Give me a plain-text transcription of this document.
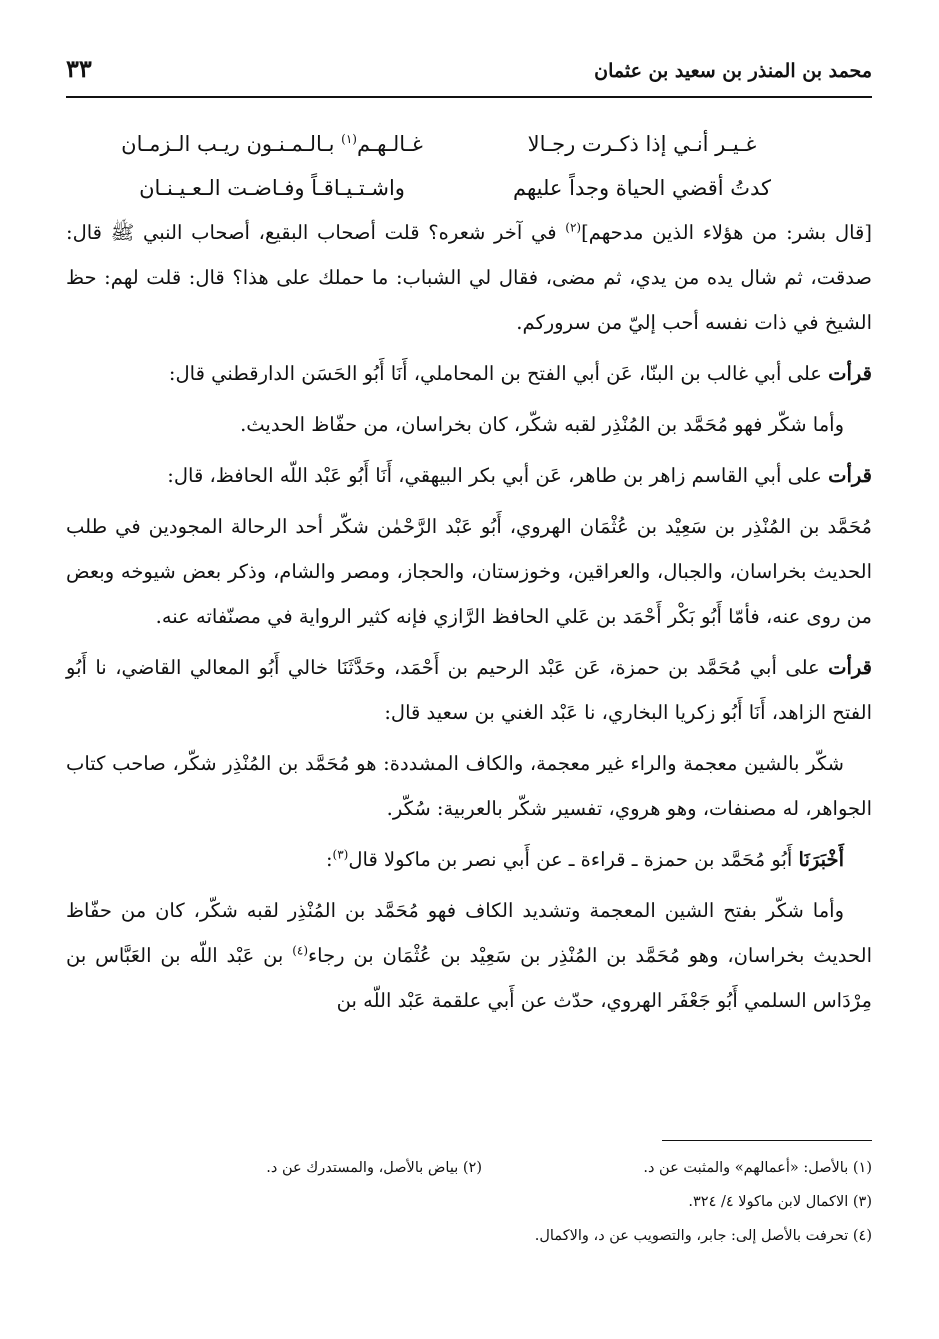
محمد بن المنذر بن سعيد بن عثمان
٣٣
غـيـر أنـي إذا ذكـرت رجـالا
غـالـهـم$^{(١)}$ بـالـمـنـون ريـب الـزمـان
كدتُ أقضي الحياة وجداً عليهم
واشـتـيـاقـاً وفـاضـت الـعـيـنـان

[قال بشر: من هؤلاء الذين مدحهم]$^{(٢)}$ في آخر شعره؟ قلت أصحاب البقيع، أصحاب النبي ﷺ قال: صدقت، ثم شال يده من يدي، ثم مضى، فقال لي الشباب: ما حملك على هذا؟ قال: قلت لهم: حظ الشيخ في ذات نفسه أحب إليّ من سروركم.

قرأت على أبي غالب بن البنّا، عَن أبي الفتح بن المحاملي، أَنَا أَبُو الحَسَن الدارقطني قال:

وأما شكّر فهو مُحَمَّد بن المُنْذِر لقبه شكّر، كان بخراسان، من حفّاظ الحديث.

قرأت على أبي القاسم زاهر بن طاهر، عَن أبي بكر البيهقي، أَنَا أَبُو عَبْد اللّه الحافظ، قال:

مُحَمَّد بن المُنْذِر بن سَعِيْد بن عُثْمَان الهروي، أَبُو عَبْد الرَّحْمٰن شكّر أحد الرحالة المجودين في طلب الحديث بخراسان، والجبال، والعراقين، وخوزستان، والحجاز، ومصر والشام، وذكر بعض شيوخه وبعض من روى عنه، فأمّا أَبُو بَكْر أَحْمَد بن عَلي الحافظ الرَّازي فإنه كثير الرواية في مصنّفاته عنه.

قرأت على أبي مُحَمَّد بن حمزة، عَن عَبْد الرحيم بن أَحْمَد، وحَدَّثَنَا خالي أَبُو المعالي القاضي، نا أَبُو الفتح الزاهد، أَنَا أَبُو زكريا البخاري، نا عَبْد الغني بن سعيد قال:

شكّر بالشين معجمة والراء غير معجمة، والكاف المشددة: هو مُحَمَّد بن المُنْذِر شكّر، صاحب كتاب الجواهر، له مصنفات، وهو هروي، تفسير شكّر بالعربية: سُكّر.

أَخْبَرَنَا أَبُو مُحَمَّد بن حمزة ـ قراءة ـ عن أَبي نصر بن ماكولا قال$^{(٣)}$:

وأما شكّر بفتح الشين المعجمة وتشديد الكاف فهو مُحَمَّد بن المُنْذِر لقبه شكّر، كان من حفّاظ الحديث بخراسان، وهو مُحَمَّد بن المُنْذِر بن سَعِيْد بن عُثْمَان بن رجاء$^{(٤)}$ بن عَبْد اللّه بن العَبَّاس بن مِرْدَاس السلمي أَبُو جَعْفَر الهروي، حدّث عن أَبي علقمة عَبْد اللّه بن

(١) بالأصل: «أعمالهم» والمثبت عن د.
(٢) بياض بالأصل، والمستدرك عن د.
(٣) الاكمال لابن ماكولا ٤/ ٣٢٤.
(٤) تحرفت بالأصل إلى: جابر، والتصويب عن د، والاكمال.
